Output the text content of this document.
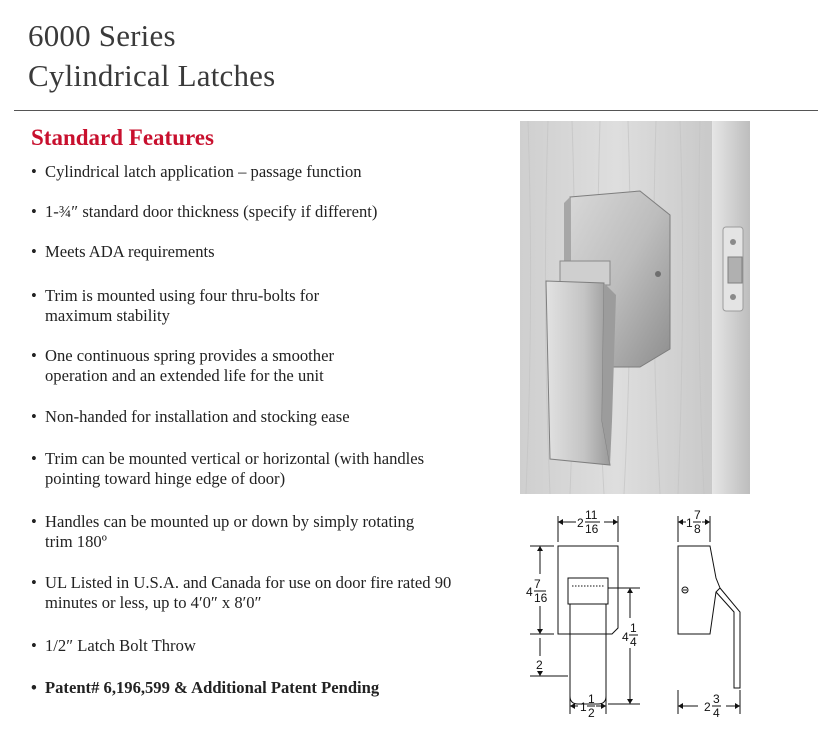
6000 Series
Cylindrical Latches
Standard Features
• Cylindrical latch application – passage function
• 1-¾″ standard door thickness (specify if different)
• Meets ADA requirements
• Trim is mounted using four thru-bolts for maximum stability
• One continuous spring provides a smoother operation and an extended life for the unit
• Non-handed for installation and stocking ease
• Trim can be mounted vertical or horizontal (with handles pointing toward hinge edge of door)
• Handles can be mounted up or down by simply rotating trim 180º
• UL Listed in U.S.A. and Canada for use on door fire rated 90 minutes or less, up to 4′0″ x 8′0″
• 1/2″ Latch Bolt Throw
• Patent# 6,196,599 & Additional Patent Pending
2
11
16
4
7
16
2
4
1
4
1
1
2
1
7
8
2
3
4
